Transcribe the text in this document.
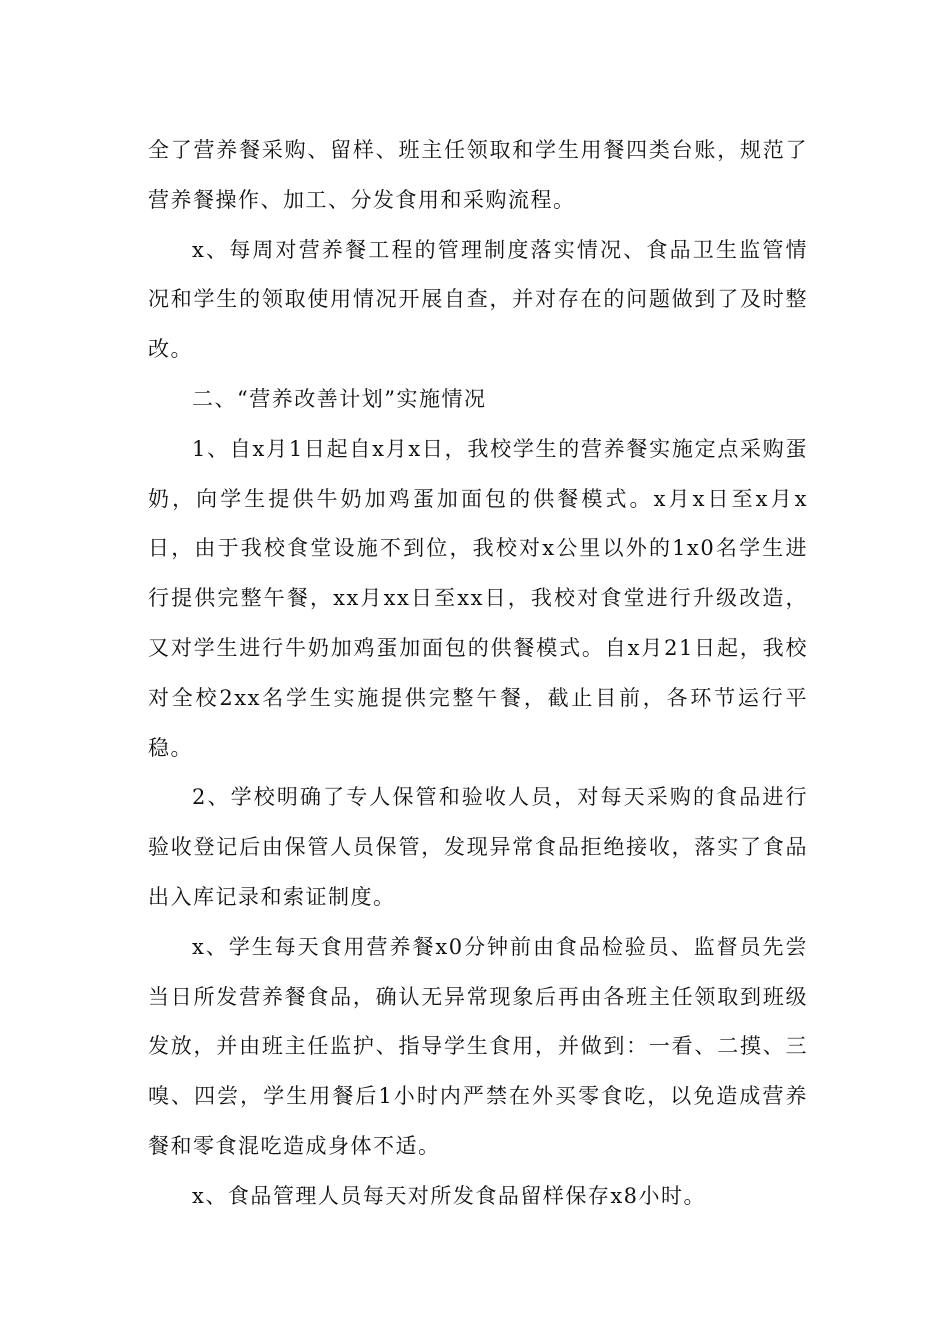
全了营养餐采购、留样、班主任领取和学生用餐四类台账，规范了营养餐操作、加工、分发食用和采购流程。

x、每周对营养餐工程的管理制度落实情况、食品卫生监管情况和学生的领取使用情况开展自查，并对存在的问题做到了及时整改。

二、“营养改善计划”实施情况

1、自x月1日起自x月x日，我校学生的营养餐实施定点采购蛋奶，向学生提供牛奶加鸡蛋加面包的供餐模式。x月x日至x月x日，由于我校食堂设施不到位，我校对x公里以外的1x0名学生进行提供完整午餐，xx月xx日至xx日，我校对食堂进行升级改造，又对学生进行牛奶加鸡蛋加面包的供餐模式。自x月21日起，我校对全校2xx名学生实施提供完整午餐，截止目前，各环节运行平稳。

2、学校明确了专人保管和验收人员，对每天采购的食品进行验收登记后由保管人员保管，发现异常食品拒绝接收，落实了食品出入库记录和索证制度。

x、学生每天食用营养餐x0分钟前由食品检验员、监督员先尝当日所发营养餐食品，确认无异常现象后再由各班主任领取到班级发放，并由班主任监护、指导学生食用，并做到：一看、二摸、三嗅、四尝，学生用餐后1小时内严禁在外买零食吃，以免造成营养餐和零食混吃造成身体不适。

x、食品管理人员每天对所发食品留样保存x8小时。
